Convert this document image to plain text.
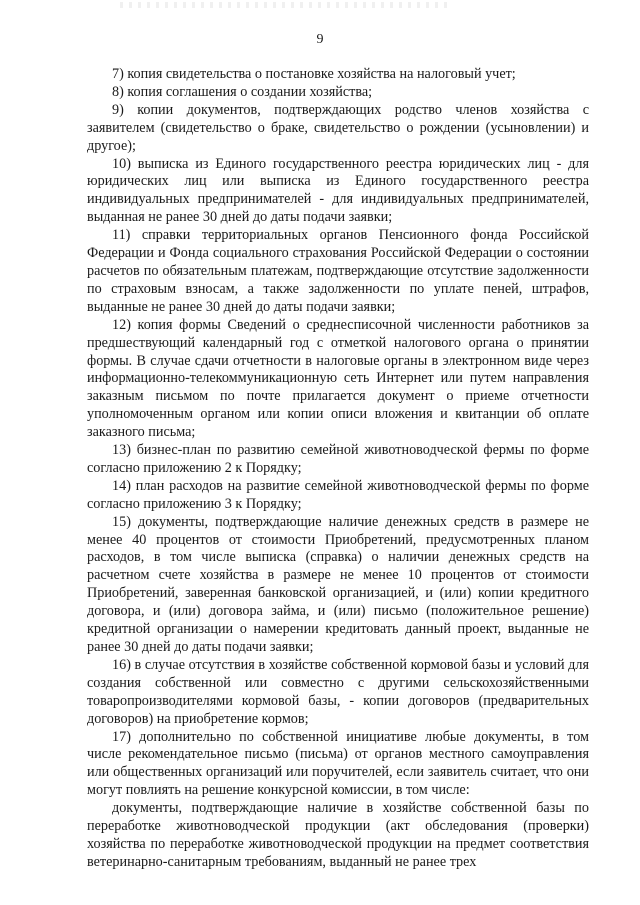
9

7) копия свидетельства о постановке хозяйства на налоговый учет;

8) копия соглашения о создании хозяйства;

9) копии документов, подтверждающих родство членов хозяйства с заявителем (свидетельство о браке, свидетельство о рождении (усыновлении) и другое);

10) выписка из Единого государственного реестра юридических лиц - для юридических лиц или выписка из Единого государственного реестра индивидуальных предпринимателей - для индивидуальных предпринимателей, выданная не ранее 30 дней до даты подачи заявки;

11) справки территориальных органов Пенсионного фонда Российской Федерации и Фонда социального страхования Российской Федерации о состоянии расчетов по обязательным платежам, подтверждающие отсутствие задолженности по страховым взносам, а также задолженности по уплате пеней, штрафов, выданные не ранее 30 дней до даты подачи заявки;

12) копия формы Сведений о среднесписочной численности работников за предшествующий календарный год с отметкой налогового органа о принятии формы. В случае сдачи отчетности в налоговые органы в электронном виде через информационно-телекоммуникационную сеть Интернет или путем направления заказным письмом по почте прилагается документ о приеме отчетности уполномоченным органом или копии описи вложения и квитанции об оплате заказного письма;

13) бизнес-план по развитию семейной животноводческой фермы по форме согласно приложению 2 к Порядку;

14) план расходов на развитие семейной животноводческой фермы по форме согласно приложению 3 к Порядку;

15) документы, подтверждающие наличие денежных средств в размере не менее 40 процентов от стоимости Приобретений, предусмотренных планом расходов, в том числе выписка (справка) о наличии денежных средств на расчетном счете хозяйства в размере не менее 10 процентов от стоимости Приобретений, заверенная банковской организацией, и (или) копии кредитного договора, и (или) договора займа, и (или) письмо (положительное решение) кредитной организации о намерении кредитовать данный проект, выданные не ранее 30 дней до даты подачи заявки;

16) в случае отсутствия в хозяйстве собственной кормовой базы и условий для создания собственной или совместно с другими сельскохозяйственными товаропроизводителями кормовой базы, - копии договоров (предварительных договоров) на приобретение кормов;

17) дополнительно по собственной инициативе любые документы, в том числе рекомендательное письмо (письма) от органов местного самоуправления или общественных организаций или поручителей, если заявитель считает, что они могут повлиять на решение конкурсной комиссии, в том числе:

документы, подтверждающие наличие в хозяйстве собственной базы по переработке животноводческой продукции (акт обследования (проверки) хозяйства по переработке животноводческой продукции на предмет соответствия ветеринарно-санитарным требованиям, выданный не ранее трех
